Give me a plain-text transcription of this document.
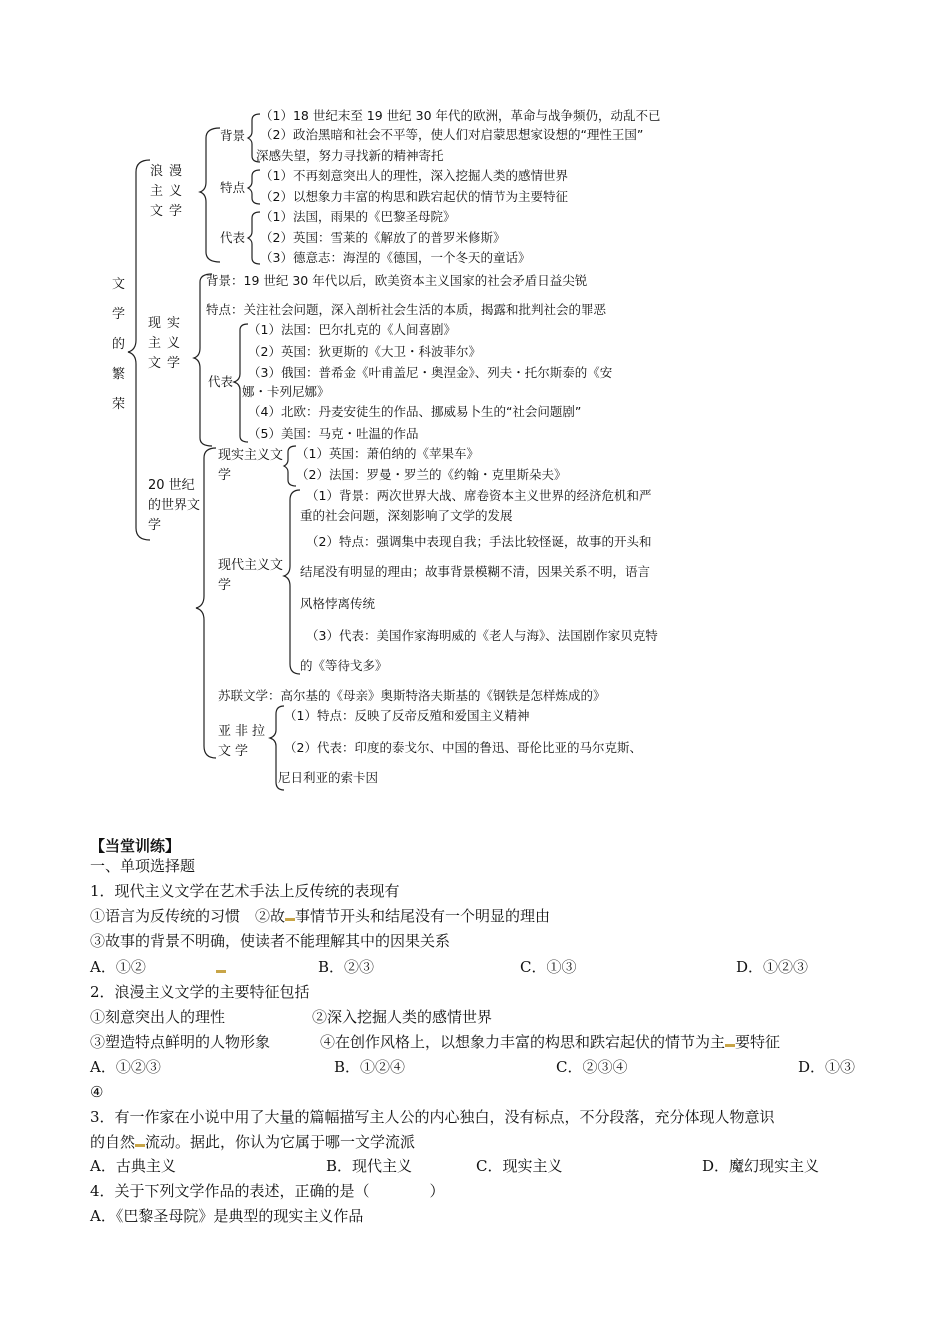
文学的繁荣
浪漫主义文学
背景
（1）18 世纪末至 19 世纪 30 年代的欧洲，革命与战争频仍，动乱不已
（2）政治黑暗和社会不平等，使人们对启蒙思想家设想的“理性王国”
深感失望，努力寻找新的精神寄托
特点
（1）不再刻意突出人的理性，深入挖掘人类的感情世界
（2）以想象力丰富的构思和跌宕起伏的情节为主要特征
代表
（1）法国，雨果的《巴黎圣母院》
（2）英国：雪莱的《解放了的普罗米修斯》
（3）德意志：海涅的《德国，一个冬天的童话》
背景：19 世纪 30 年代以后，欧美资本主义国家的社会矛盾日益尖锐
现实主义文学
特点：关注社会问题，深入剖析社会生活的本质，揭露和批判社会的罪恶
代表
（1）法国：巴尔扎克的《人间喜剧》
（2）英国：狄更斯的《大卫・科波菲尔》
（3）俄国：普希金《叶甫盖尼・奥涅金》、列夫・托尔斯泰的《安
娜・卡列尼娜》
（4）北欧：丹麦安徒生的作品、挪威易卜生的“社会问题剧”
（5）美国：马克・吐温的作品
20 世纪的世界文学
现实主义文学
（1）英国：萧伯纳的《苹果车》
（2）法国：罗曼・罗兰的《约翰・克里斯朵夫》
现代主义文学
（1）背景：两次世界大战、席卷资本主义世界的经济危机和严
重的社会问题，深刻影响了文学的发展
（2）特点：强调集中表现自我；手法比较怪诞，故事的开头和
结尾没有明显的理由；故事背景模糊不清，因果关系不明，语言
风格悖离传统
（3）代表：美国作家海明威的《老人与海》、法国剧作家贝克特
的《等待戈多》
苏联文学：高尔基的《母亲》奥斯特洛夫斯基的《钢铁是怎样炼成的》
亚非拉文学
（1）特点：反映了反帝反殖和爱国主义精神
（2）代表：印度的泰戈尔、中国的鲁迅、哥伦比亚的马尔克斯、
尼日利亚的索卡因
【当堂训练】
一、单项选择题
1．现代主义文学在艺术手法上反传统的表现有
①语言为反传统的习惯　②故 事情节开头和结尾没有一个明显的理由
③故事的背景不明确，使读者不能理解其中的因果关系
A．①②	B．②③	C．①③	D．①②③
2．浪漫主义文学的主要特征包括
①刻意突出人的理性	②深入挖掘人类的感情世界
③塑造特点鲜明的人物形象	④在创作风格上，以想象力丰富的构思和跌宕起伏的情节为主 要特征
A．①②③	B．①②④	C．②③④	D．①③
④
3．有一作家在小说中用了大量的篇幅描写主人公的内心独白，没有标点，不分段落，充分体现人物意识
的自然 流动。据此，你认为它属于哪一文学流派
A．古典主义	B．现代主义	C．现实主义	D．魔幻现实主义
4．关于下列文学作品的表述，正确的是（　　　　）
A．《巴黎圣母院》是典型的现实主义作品
